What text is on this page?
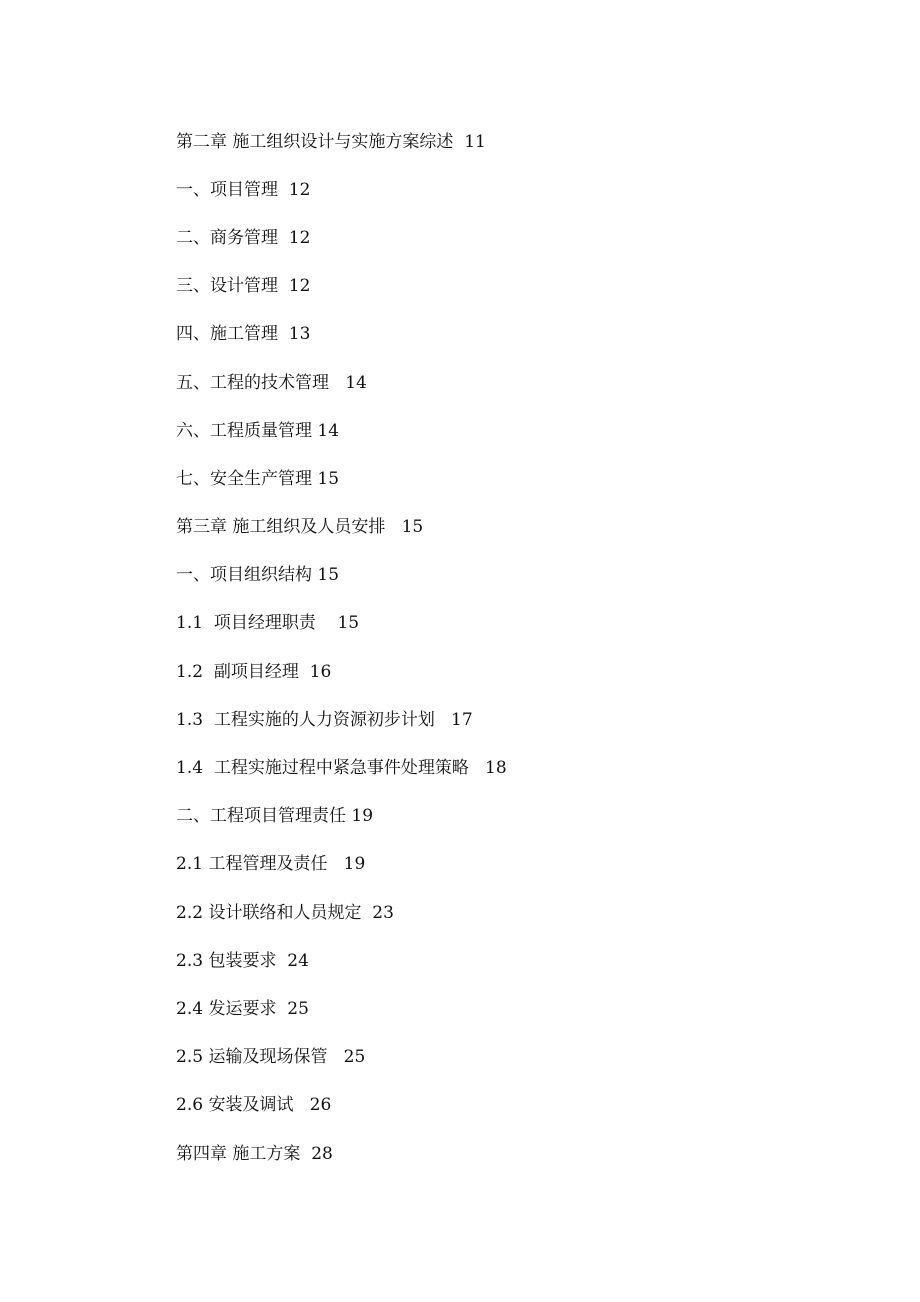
第二章 施工组织设计与实施方案综述  11
一、项目管理  12
二、商务管理  12
三、设计管理  12
四、施工管理  13
五、工程的技术管理   14
六、工程质量管理 14
七、安全生产管理 15
第三章 施工组织及人员安排   15
一、项目组织结构 15
1.1  项目经理职责    15
1.2  副项目经理  16
1.3  工程实施的人力资源初步计划   17
1.4  工程实施过程中紧急事件处理策略   18
二、工程项目管理责任 19
2.1 工程管理及责任   19
2.2 设计联络和人员规定  23
2.3 包装要求  24
2.4 发运要求  25
2.5 运输及现场保管   25
2.6 安装及调试   26
第四章 施工方案  28
